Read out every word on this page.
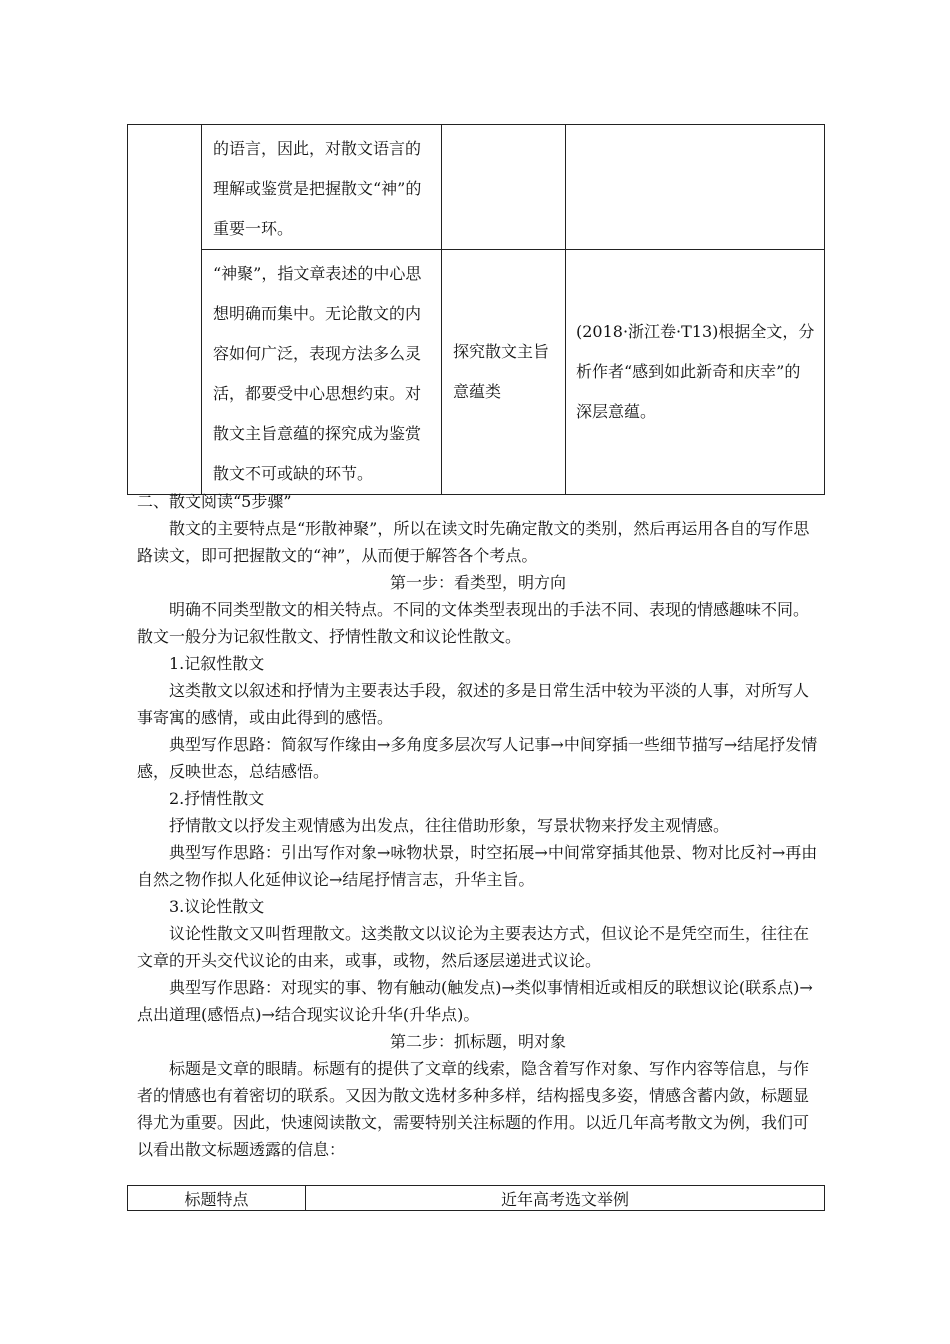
	的语言，因此，对散文语言的理解或鉴赏是把握散文“神”的重要一环。		

	“神聚”，指文章表述的中心思想明确而集中。无论散文的内容如何广泛，表现方法多么灵活，都要受中心思想约束。对散文主旨意蕴的探究成为鉴赏散文不可或缺的环节。	探究散文主旨意蕴类	(2018·浙江卷·T13)根据全文，分析作者“感到如此新奇和庆幸”的深层意蕴。

二、散文阅读“5步骤”

散文的主要特点是“形散神聚”，所以在读文时先确定散文的类别，然后再运用各自的写作思路读文，即可把握散文的“神”，从而便于解答各个考点。

第一步：看类型，明方向

明确不同类型散文的相关特点。不同的文体类型表现出的手法不同、表现的情感趣味不同。散文一般分为记叙性散文、抒情性散文和议论性散文。

1.记叙性散文

这类散文以叙述和抒情为主要表达手段，叙述的多是日常生活中较为平淡的人事，对所写人事寄寓的感情，或由此得到的感悟。

典型写作思路：简叙写作缘由→多角度多层次写人记事→中间穿插一些细节描写→结尾抒发情感，反映世态，总结感悟。

2.抒情性散文

抒情散文以抒发主观情感为出发点，往往借助形象，写景状物来抒发主观情感。

典型写作思路：引出写作对象→咏物状景，时空拓展→中间常穿插其他景、物对比反衬→再由自然之物作拟人化延伸议论→结尾抒情言志，升华主旨。

3.议论性散文

议论性散文又叫哲理散文。这类散文以议论为主要表达方式，但议论不是凭空而生，往往在文章的开头交代议论的由来，或事，或物，然后逐层递进式议论。

典型写作思路：对现实的事、物有触动(触发点)→类似事情相近或相反的联想议论(联系点)→点出道理(感悟点)→结合现实议论升华(升华点)。

第二步：抓标题，明对象

标题是文章的眼睛。标题有的提供了文章的线索，隐含着写作对象、写作内容等信息，与作者的情感也有着密切的联系。又因为散文选材多种多样，结构摇曳多姿，情感含蓄内敛，标题显得尤为重要。因此，快速阅读散文，需要特别关注标题的作用。以近几年高考散文为例，我们可以看出散文标题透露的信息：

标题特点	近年高考选文举例
